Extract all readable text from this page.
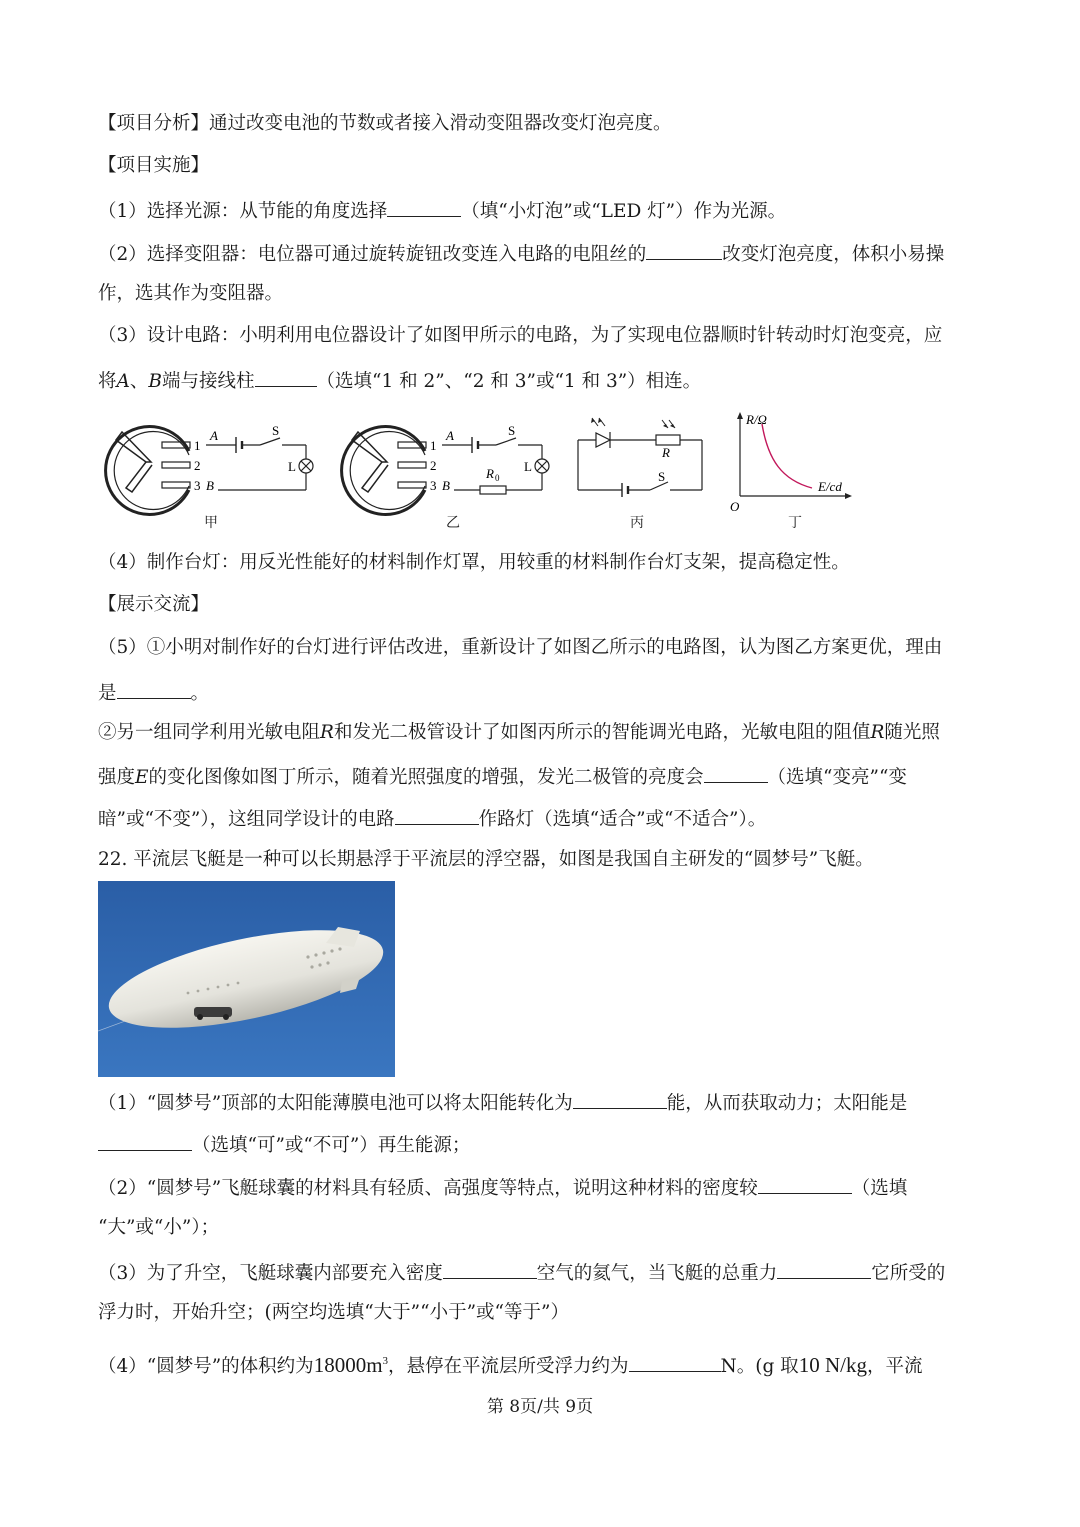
【项目分析】通过改变电池的节数或者接入滑动变阻器改变灯泡亮度。
【项目实施】
（1）选择光源：从节能的角度选择	（填“小灯泡”或“LED 灯”）作为光源。
（2）选择变阻器：电位器可通过旋转旋钮改变连入电路的电阻丝的	改变灯泡亮度，体积小易操
作，选其作为变阻器。
（3）设计电路：小明利用电位器设计了如图甲所示的电路，为了实现电位器顺时针转动时灯泡变亮，应
将A、B端与接线柱	（选填“1 和 2”、“2 和 3”或“1 和 3”）相连。
1
2
3
A
B
S
L
甲
1
2
3
A
B
S
L
R 0
乙
R
S
丙
R/Ω
E/cd
O
丁
（4）制作台灯：用反光性能好的材料制作灯罩，用较重的材料制作台灯支架，提高稳定性。
【展示交流】
（5）①小明对制作好的台灯进行评估改进，重新设计了如图乙所示的电路图，认为图乙方案更优，理由
是	。
②另一组同学利用光敏电阻R和发光二极管设计了如图丙所示的智能调光电路，光敏电阻的阻值R随光照
强度E的变化图像如图丁所示，随着光照强度的增强，发光二极管的亮度会	（选填“变亮”“变
暗”或“不变”），这组同学设计的电路	作路灯（选填“适合”或“不适合”）。
22. 平流层飞艇是一种可以长期悬浮于平流层的浮空器，如图是我国自主研发的“圆梦号”飞艇。
（1）“圆梦号”顶部的太阳能薄膜电池可以将太阳能转化为	能，从而获取动力；太阳能是
（选填“可”或“不可”）再生能源；
（2）“圆梦号”飞艇球囊的材料具有轻质、高强度等特点，说明这种材料的密度较	（选填
“大”或“小”）；
（3）为了升空，飞艇球囊内部要充入密度	空气的氦气，当飞艇的总重力	它所受的
浮力时，开始升空；(两空均选填“大于”“小于”或“等于”）
（4）“圆梦号”的体积约为$18000m^3$，悬停在平流层所受浮力约为	N。(g 取10 N/kg，平流
第 8页/共 9页
